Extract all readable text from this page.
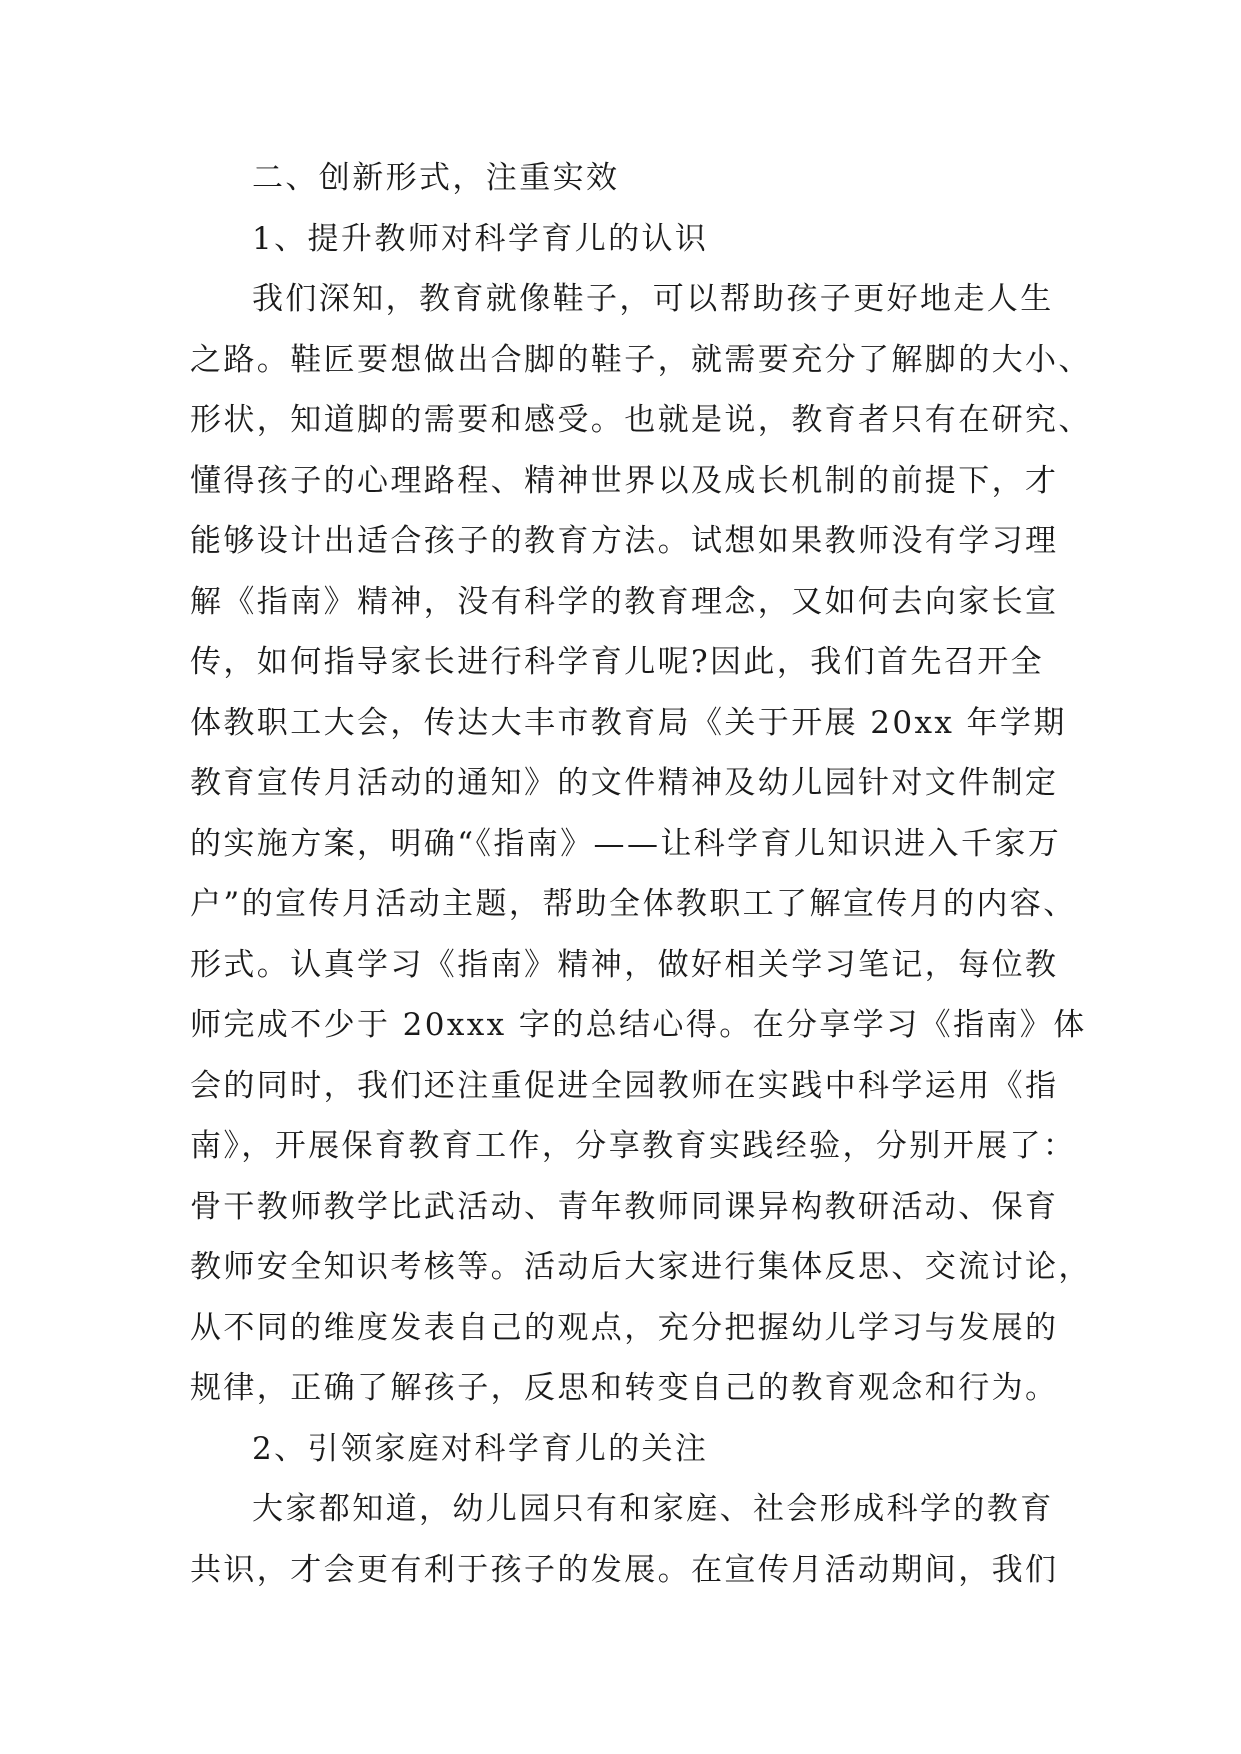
二、创新形式，注重实效
1、提升教师对科学育儿的认识
我们深知，教育就像鞋子，可以帮助孩子更好地走人生
之路。鞋匠要想做出合脚的鞋子，就需要充分了解脚的大小、
形状，知道脚的需要和感受。也就是说，教育者只有在研究、
懂得孩子的心理路程、精神世界以及成长机制的前提下，才
能够设计出适合孩子的教育方法。试想如果教师没有学习理
解《指南》精神，没有科学的教育理念，又如何去向家长宣
传，如何指导家长进行科学育儿呢?因此，我们首先召开全
体教职工大会，传达大丰市教育局《关于开展 20xx 年学期
教育宣传月活动的通知》的文件精神及幼儿园针对文件制定
的实施方案，明确“《指南》——让科学育儿知识进入千家万
户”的宣传月活动主题，帮助全体教职工了解宣传月的内容、
形式。认真学习《指南》精神，做好相关学习笔记，每位教
师完成不少于 20xxx 字的总结心得。在分享学习《指南》体
会的同时，我们还注重促进全园教师在实践中科学运用《指
南》，开展保育教育工作，分享教育实践经验，分别开展了：
骨干教师教学比武活动、青年教师同课异构教研活动、保育
教师安全知识考核等。活动后大家进行集体反思、交流讨论，
从不同的维度发表自己的观点，充分把握幼儿学习与发展的
规律，正确了解孩子，反思和转变自己的教育观念和行为。
2、引领家庭对科学育儿的关注
大家都知道，幼儿园只有和家庭、社会形成科学的教育
共识，才会更有利于孩子的发展。在宣传月活动期间，我们
